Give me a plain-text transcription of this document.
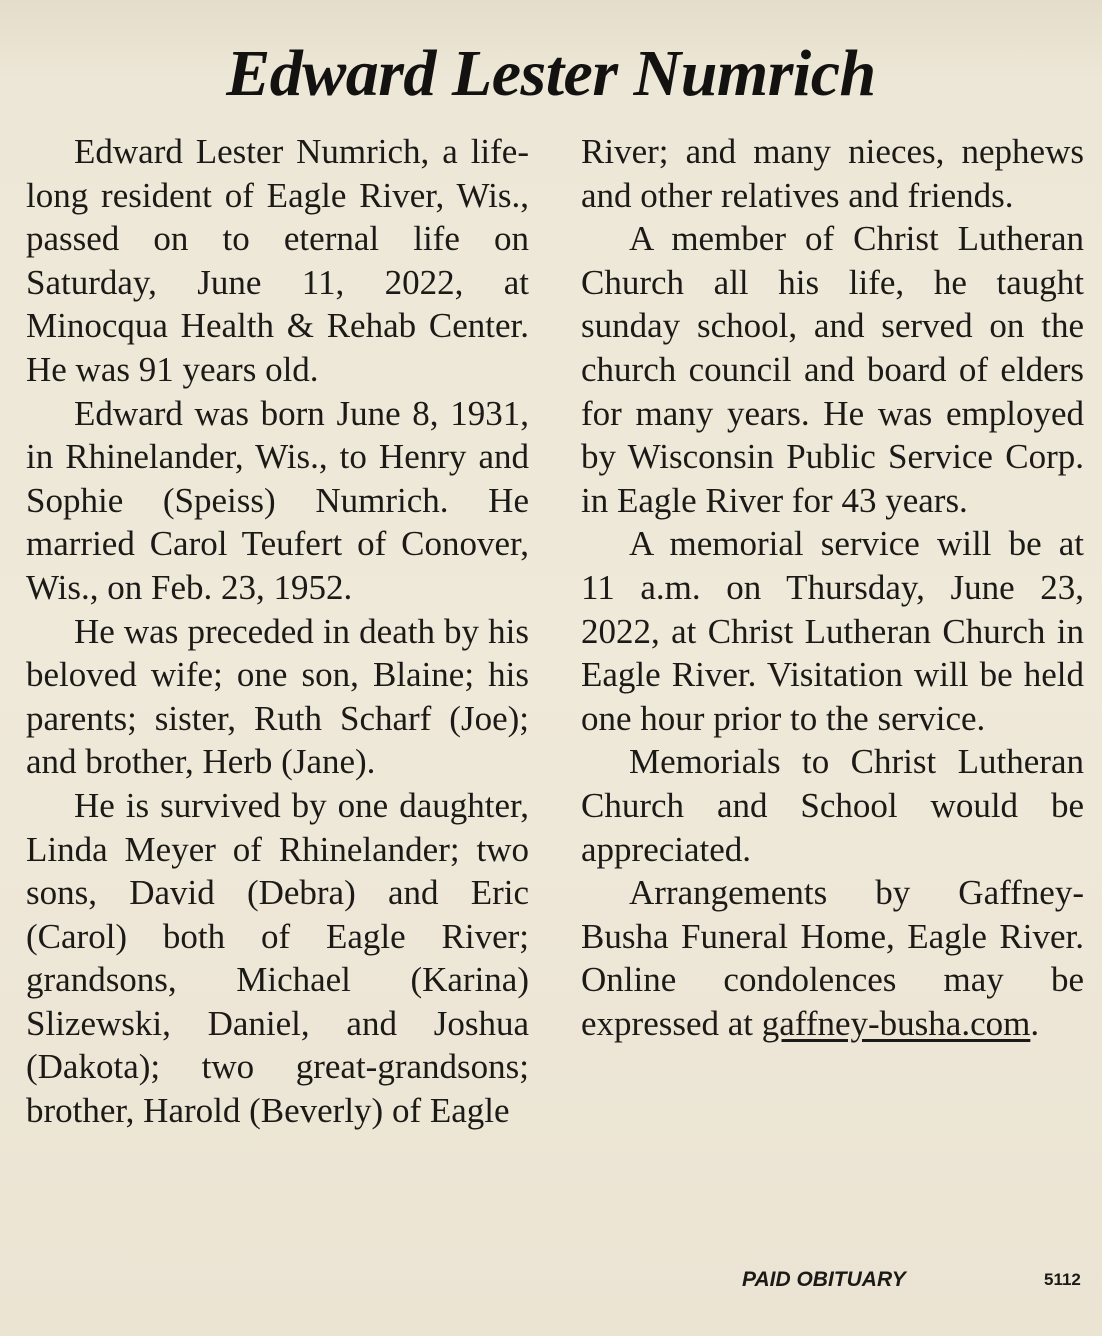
Edward Lester Numrich

Edward Lester Numrich, a life-long resident of Eagle River, Wis., passed on to eternal life on Saturday, June 11, 2022, at Minocqua Health & Rehab Center. He was 91 years old.

Edward was born June 8, 1931, in Rhinelander, Wis., to Henry and Sophie (Speiss) Numrich. He married Carol Teufert of Conover, Wis., on Feb. 23, 1952.

He was preceded in death by his beloved wife; one son, Blaine; his parents; sister, Ruth Scharf (Joe); and brother, Herb (Jane).

He is survived by one daughter, Linda Meyer of Rhinelander; two sons, David (Debra) and Eric (Carol) both of Eagle River; grandsons, Michael (Karina) Slizewski, Daniel, and Joshua (Dakota); two great-grandsons; brother, Harold (Beverly) of Eagle

River; and many nieces, nephews and other relatives and friends.

A member of Christ Lutheran Church all his life, he taught sunday school, and served on the church council and board of elders for many years. He was employed by Wisconsin Public Service Corp. in Eagle River for 43 years.

A memorial service will be at 11 a.m. on Thursday, June 23, 2022, at Christ Lutheran Church in Eagle River. Visitation will be held one hour prior to the service.

Memorials to Christ Lutheran Church and School would be appreciated.

Arrangements by Gaffney-Busha Funeral Home, Eagle River. Online condolences may be expressed at gaffney-busha.com.

PAID OBITUARY	5112
